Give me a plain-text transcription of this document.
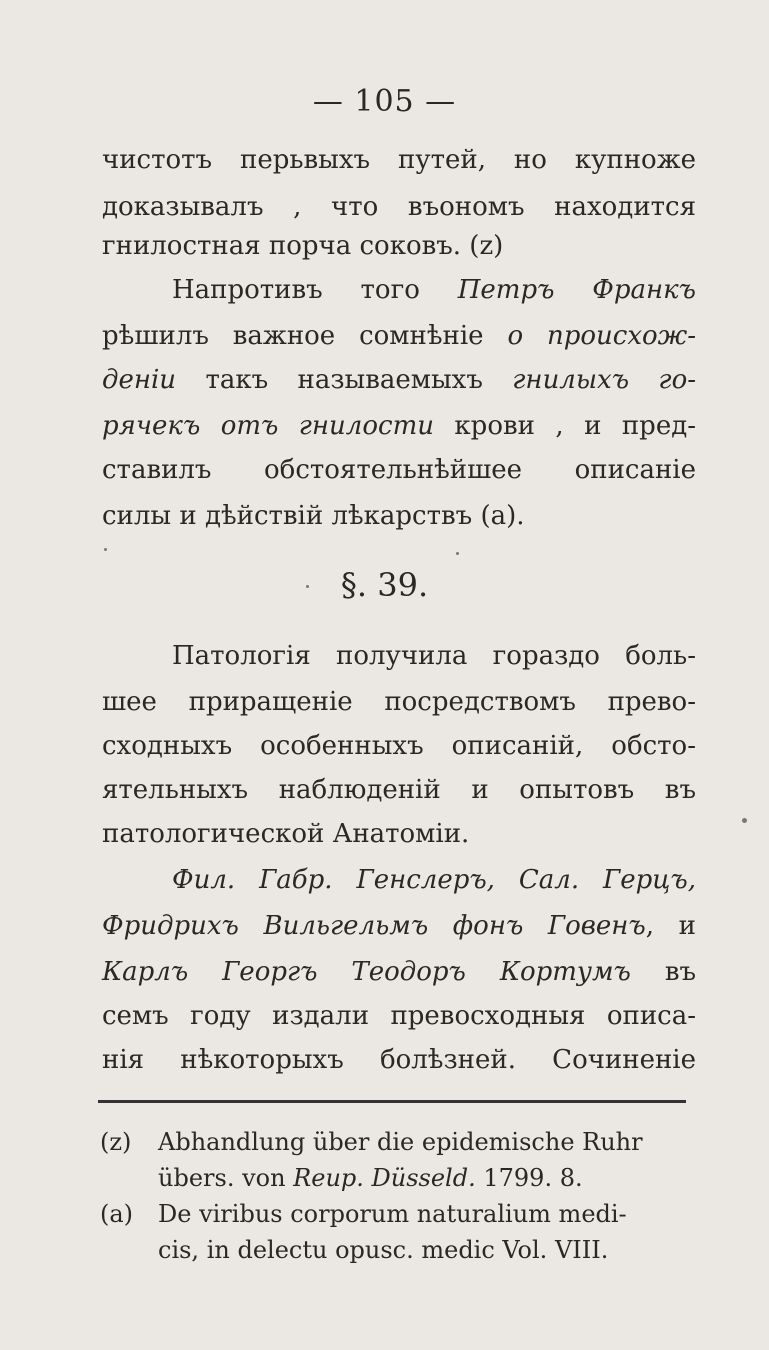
— 105 —
чистотъ перьвыхъ путей, но купноже
доказывалъ , что въономъ находится
гнилостная порча соковъ. (z)
Напротивъ того Петръ Франкъ
рѣшилъ важное сомнѣніе о происхож-
деніи такъ называемыхъ гнилыхъ го-
рячекъ отъ гнилости крови , и пред-
ставилъ обстоятельнѣйшее описаніе
силы и дѣйствій лѣкарствъ (а).
Патологія получила гораздо боль-
шее приращеніе посредствомъ прево-
сходныхъ особенныхъ описаній, обсто-
ятельныхъ наблюденій и опытовъ въ
патологической Анатоміи.
Фил. Габр. Генслеръ, Сал. Герцъ,
Фридрихъ Вильгельмъ фонъ Говенъ, и
Карлъ Георгъ Теодоръ Кортумъ въ
семъ году издали превосходныя описа-
нія нѣкоторыхъ болѣзней. Сочиненіе
§. 39.
(z) Abhandlung über die epidemische Ruhr
übers. von Reup. Düsseld. 1799. 8.
(a) De viribus corporum naturalium medi-
cis, in delectu opusc. medic Vol. VIII.
